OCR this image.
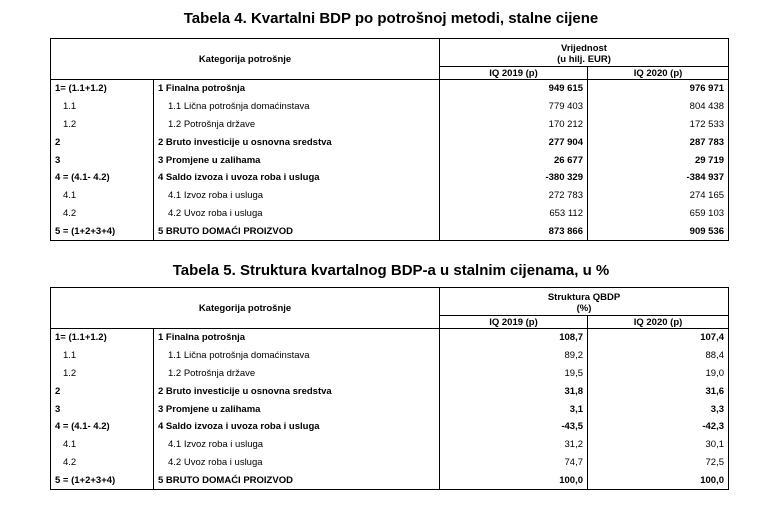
Tabela 4. Kvartalni BDP po potrošnoj metodi, stalne cijene
Kategorija potrošnje		Vrijednost
(u hilj. EUR)	

		IQ 2019 (p)	IQ 2020 (p)
1= (1.1+1.2)	1 Finalna potrošnja	949 615	976 971
1.1	1.1 Lična potrošnja domaćinstava	779 403	804 438
1.2	1.2 Potrošnja države	170 212	172 533
2	2 Bruto investicije u osnovna sredstva	277 904	287 783
3	3 Promjene u zalihama	26 677	29 719
4 = (4.1- 4.2)	4 Saldo izvoza i uvoza roba i usluga	-380 329	-384 937
4.1	4.1 Izvoz roba i usluga	272 783	274 165
4.2	4.2 Uvoz roba i usluga	653 112	659 103
5 = (1+2+3+4)	5 BRUTO DOMAĆI PROIZVOD	873 866	909 536
Tabela 5. Struktura kvartalnog BDP-a u stalnim cijenama, u %
Kategorija potrošnje		Struktura QBDP
(%)	

		IQ 2019 (p)	IQ 2020 (p)
1= (1.1+1.2)	1 Finalna potrošnja	108,7	107,4
1.1	1.1 Lična potrošnja domaćinstava	89,2	88,4
1.2	1.2 Potrošnja države	19,5	19,0
2	2 Bruto investicije u osnovna sredstva	31,8	31,6
3	3 Promjene u zalihama	3,1	3,3
4 = (4.1- 4.2)	4 Saldo izvoza i uvoza roba i usluga	-43,5	-42,3
4.1	4.1 Izvoz roba i usluga	31,2	30,1
4.2	4.2 Uvoz roba i usluga	74,7	72,5
5 = (1+2+3+4)	5 BRUTO DOMAĆI PROIZVOD	100,0	100,0
